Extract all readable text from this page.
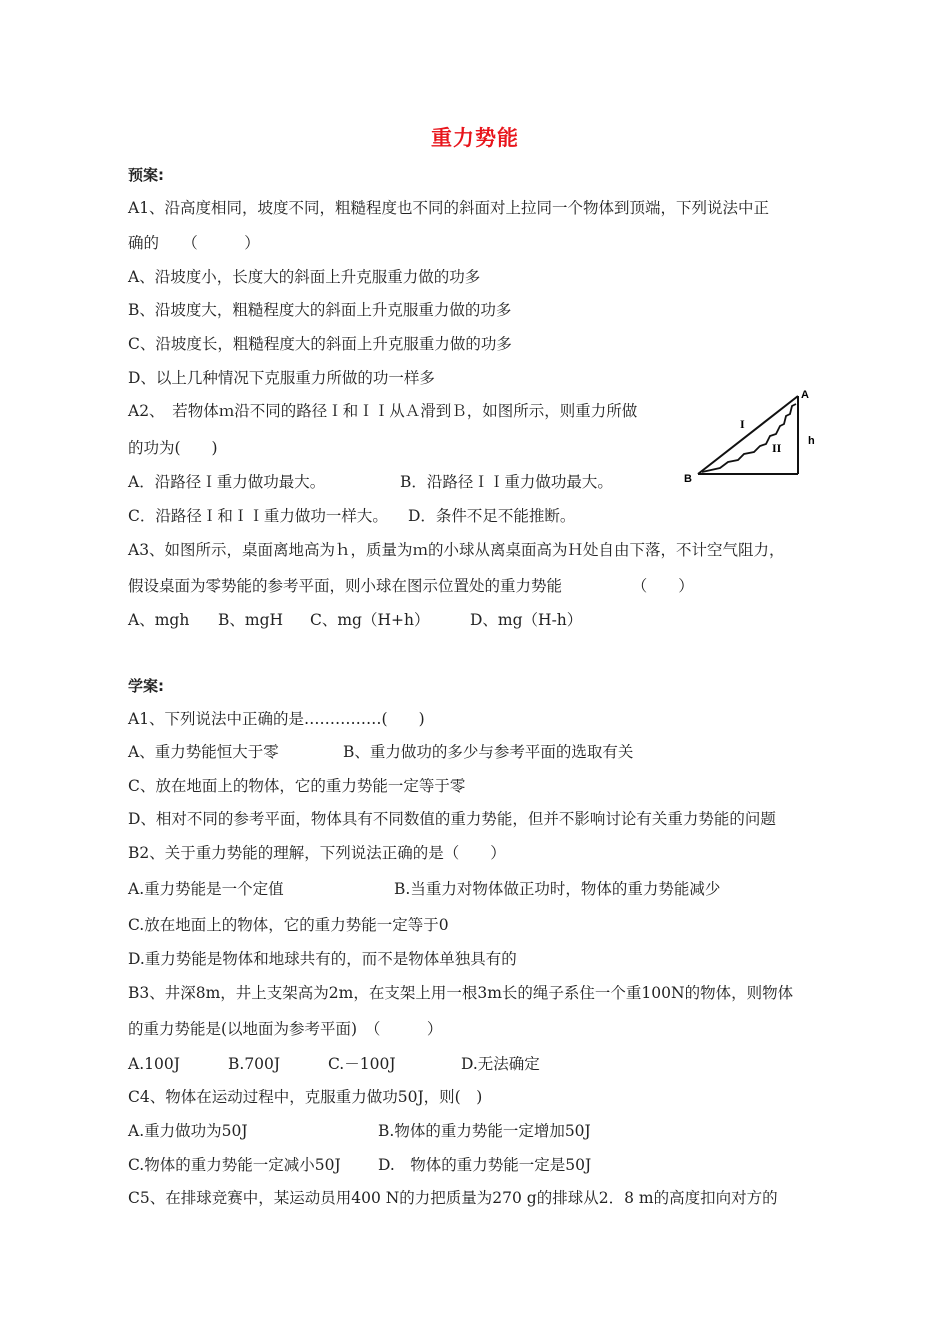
重力势能
预案:
A1、沿高度相同，坡度不同，粗糙程度也不同的斜面对上拉同一个物体到顶端，下列说法中正
确的　　（　　　）
A、沿坡度小，长度大的斜面上升克服重力做的功多
B、沿坡度大，粗糙程度大的斜面上升克服重力做的功多
C、沿坡度长，粗糙程度大的斜面上升克服重力做的功多
D、以上几种情况下克服重力所做的功一样多
A2、　若物体ｍ沿不同的路径Ｉ和ＩＩ从Ａ滑到Ｂ，如图所示，则重力所做
的功为(　　)
A．沿路径Ｉ重力做功最大。	B．沿路径ＩＩ重力做功最大。
C．沿路径Ｉ和ＩＩ重力做功一样大。 D．条件不足不能推断。
A
B
I
II h
A3、如图所示，桌面离地高为ｈ，质量为ｍ的小球从离桌面高为Ｈ处自由下落，不计空气阻力，
假设桌面为零势能的参考平面，则小球在图示位置处的重力势能　　　　　（　　）
A、mgh B、mgH C、mg（H+h）	D、mg（H-h）
学案:
A1、下列说法中正确的是……………(　　)
A、重力势能恒大于零	B、重力做功的多少与参考平面的选取有关
C、放在地面上的物体，它的重力势能一定等于零
D、相对不同的参考平面，物体具有不同数值的重力势能，但并不影响讨论有关重力势能的问题
B2、关于重力势能的理解，下列说法正确的是（　　）
A.重力势能是一个定值	B.当重力对物体做正功时，物体的重力势能减少
C.放在地面上的物体，它的重力势能一定等于0
D.重力势能是物体和地球共有的，而不是物体单独具有的
B3、井深8m，井上支架高为2m，在支架上用一根3m长的绳子系住一个重100N的物体，则物体
的重力势能是(以地面为参考平面)　（　　　）
A.100J	B.700J	C.－100J	D.无法确定
C4、物体在运动过程中，克服重力做功50J，则(　)
A.重力做功为50J	B.物体的重力势能一定增加50J
C.物体的重力势能一定减小50J D.　物体的重力势能一定是50J
C5、在排球竞赛中，某运动员用400 N的力把质量为270 g的排球从2．8 m的高度扣向对方的
